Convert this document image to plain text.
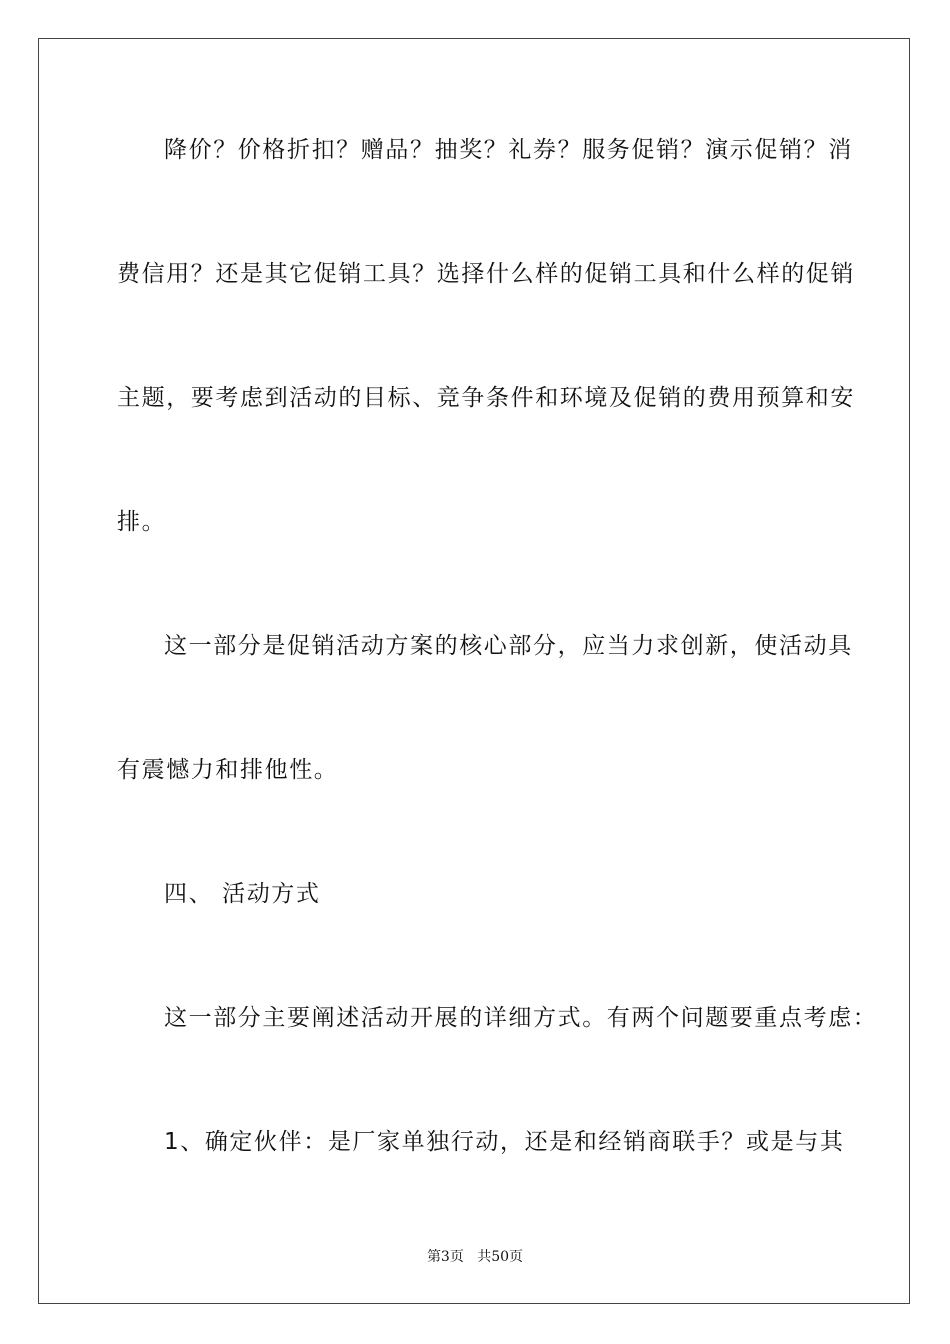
降价？价格折扣？赠品？抽奖？礼券？服务促销？演示促销？消
费信用？还是其它促销工具？选择什么样的促销工具和什么样的促销
主题，要考虑到活动的目标、竞争条件和环境及促销的费用预算和安
排。
这一部分是促销活动方案的核心部分，应当力求创新，使活动具
有震憾力和排他性。
四、 活动方式
这一部分主要阐述活动开展的详细方式。有两个问题要重点考虑：
1、确定伙伴：是厂家单独行动，还是和经销商联手？或是与其
第3页 共50页
